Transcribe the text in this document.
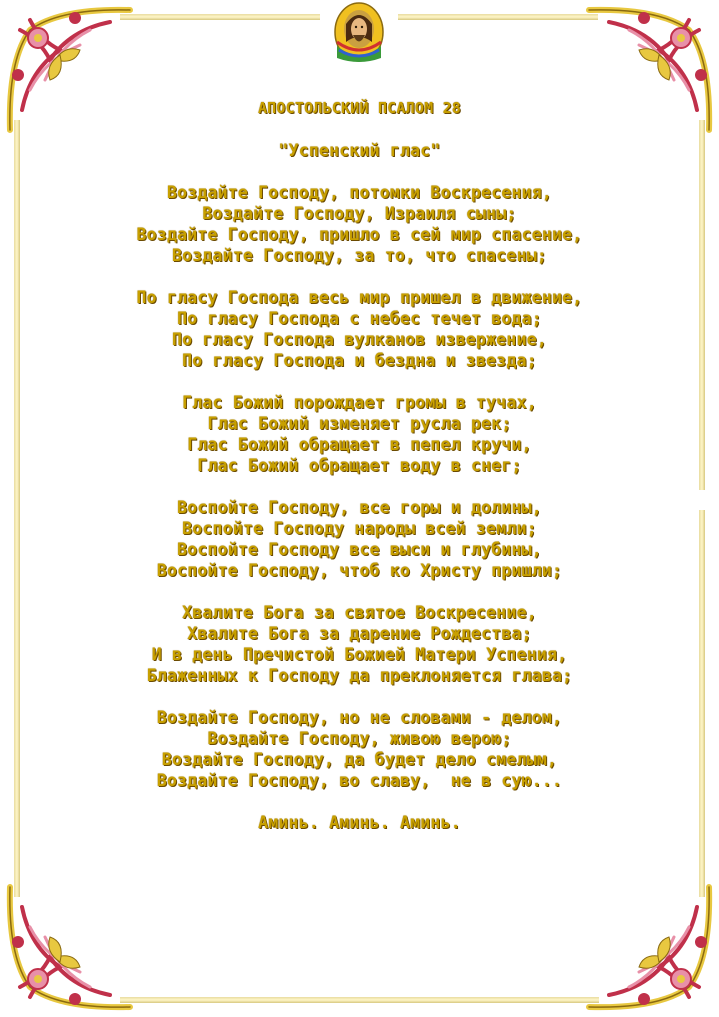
АПОСТОЛЬСКИЙ ПСАЛОМ 28
"Успенский глас"
Воздайте Господу, потомки Воскресения,
Воздайте Господу, Израиля сыны;
Воздайте Господу, пришло в сей мир спасение,
Воздайте Господу, за то, что спасены;
По гласу Господа весь мир пришел в движение,
По гласу Господа с небес течет вода;
По гласу Господа вулканов извержение,
По гласу Господа и бездна и звезда;
Глас Божий порождает громы в тучах,
Глас Божий изменяет русла рек;
Глас Божий обращает в пепел кручи,
Глас Божий обращает воду в снег;
Воспойте Господу, все горы и долины,
Воспойте Господу народы всей земли;
Воспойте Господу все выси и глубины,
Воспойте Господу, чтоб ко Христу пришли;
Хвалите Бога за святое Воскресение,
Хвалите Бога за дарение Рождества;
И в день Пречистой Божией Матери Успения,
Блаженных к Господу да преклоняется глава;
Воздайте Господу, но не словами - делом,
Воздайте Господу, живою верою;
Воздайте Господу, да будет дело смелым,
Воздайте Господу, во славу,  не в сую...
Аминь. Аминь. Аминь.
